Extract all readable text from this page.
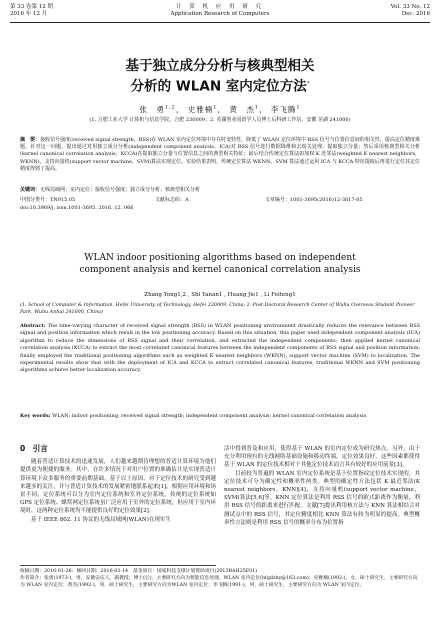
第 33 卷第 12 期
2016 年 12 月
计 算 机 应 用 研 究
Application Research of Computers
Vol. 33 No. 12
Dec. 2016
基于独立成分分析与核典型相关
分析的 WLAN 室内定位方法*
张　勇$^{1,2}$， 史雅楠$^1$， 黄　杰$^1$， 李飞腾$^1$
(1. 合肥工业大学 计算机与信息学院，合肥 230009；2. 芜湖创业园留学人员博士后科研工作站，安徽 芜湖 241000)
摘　要：接收信号强度(received signal strength，RSS)在 WLAN 室内定位环境中存在时变特性，降低了 WLAN 定位环境中 RSS 信号与位置信息间的相关性，提高定位精度难题。针对这一问题，提出通过对用独立成分分析(independent component analysis，ICA)对 RSS 信号进行数据降维和去相关处理，提取独立分量；然后采用核典型相关分析(kernel canonical correlation analysis，KCCA)在提取独立分量与位置信息之间的典型相关特征；最后结合传统定位算法如加权 K 近邻法(weighted K nearest neighbors，WKNN)、支持向量机(support vector machine，SVM)算法实现定位。实验结果表明，传统定位算法 WKNN、SVM 算法通过运用 ICA 与 KCCA 特征提取后再进行定位其定位精度得到了提高。
关键词：无线局域网；室内定位；接收信号强度；独立成分分析；核典型相关分析
中图分类号：TN915.05	文献标志码：A	文章编号：1001-3695(2016)12-3817-05
doi:10.3969/j. issn.1001-3695. 2016. 12. 066
WLAN indoor positioning algorithms based on independent
component analysis and kernel canonical correlation analysis
Zhang Yong1,2 , Shi Yanan1 , Huang Jie1 , Li Feiteng1
(1. School of Computer & Information, Hefei University of Technology, Hefei 230009, China; 2. Post-Doctoral Research Center of Wuhu Overseas Student Pioneer Park, Wuhu Anhui 241000, China)
Abstract: The time-varying character of received signal strength (RSS) in WLAN positioning environment drastically reduces the relevance between RSS signal and position information which result in the low positioning accuracy. Based on this situation, this paper used independent component analysis (ICA) algorithm to reduce the dimensions of RSS signal and their correlation, and extracted the independent components; then applied kernel canonical correlation analysis (KCCA) to extract the most correlated canonical features between the independent components of RSS signal and position information; finally employed the traditional positioning algorithms such as weighted K nearest neighbors (WKNN), support vector machine (SVM) to localization. The experimental results show that with the deployment of ICA and KCCA to extract correlated canonical features, traditional WKNN and SVM positioning algorithms achieve better localization accuracy.
Key words: WLAN; indoor positioning; received signal strength; independent component analysis; kernel canonical correlation analysis
0　引言

随着普适计算技术的迅速发展，人们越来越期待理想的普适计算环境为他们提供更为便捷的服务。其中，在许多情况下对用户位置的准确估计是实现普适计算环境下众多服务的重要前期基础。基于以上原因，对于定位技术的研究受到越来越多的关注，并与普适计算技术的发展紧密地联系起来[1]。根据应用环境和场景不同，定位系统可以分为室内定位系统和室外定位系统。传统的定位系统如 GPS 定位系统、蜂窝网定位系统虽广泛应用于室外的定位系统，但应用于室内环境时，这两种定位系统均不能提供良好的定位效果[2]。

基于 IEEE 802. 11 协议的无线局域网(WLAN)在现实生

活中得到普及和应用，使得基于 WLAN 的室内定位成为研究热点。另外，由于充分利用现有的无线网络基础设施和移动终端，定位效果良好，这些因素都使得基于 WLAN 的定位技术相对于其他定位技术而言具有较好的应用前景[3]。

目前较为普遍的 WLAN 室内定位系统是基于位置指纹定位技术实现的，其定位技术可分为确定性和概率性两类。典型的确定性方法包括 K 最近邻法(K nearest neighbors，KNN)[4]、支持向量机(support vector machine，SVM)算法[5,6]等。KNN 定位算法是利用 RSS 信号的欧式距离作为衡量，利用 RSS 信号的距离来进行匹配。文献[7]提出利用核方法与 KNN 算法相结合对测试点中的 RSS 信号，其定位精度相比 KNN 算法有较为明显的提高。典型概率性方法则是利用 RSS 信号的概率分布为位置指

收稿日期：2016-01-26；修回日期：2016-03-14　 基金项目：国家科技支撑计划资助项目(2013BAH25F01)
作者简介：张勇(1973-)，男，安徽安庆人，副教授，博士(后)，主要研究方向为智能信息处理、WLAN 室内定位(hfgdzhy@163.com)；史雅楠(1992-)，女，硕士研究生，主要研究方向为 WLAN 室内定位；黄杰(1992-)，男，硕士研究生，主要研究方向为WLAN 室内定位；李飞腾(1991-)，男，硕士研究生，主要研究方向为 WLAN 室内定位。
